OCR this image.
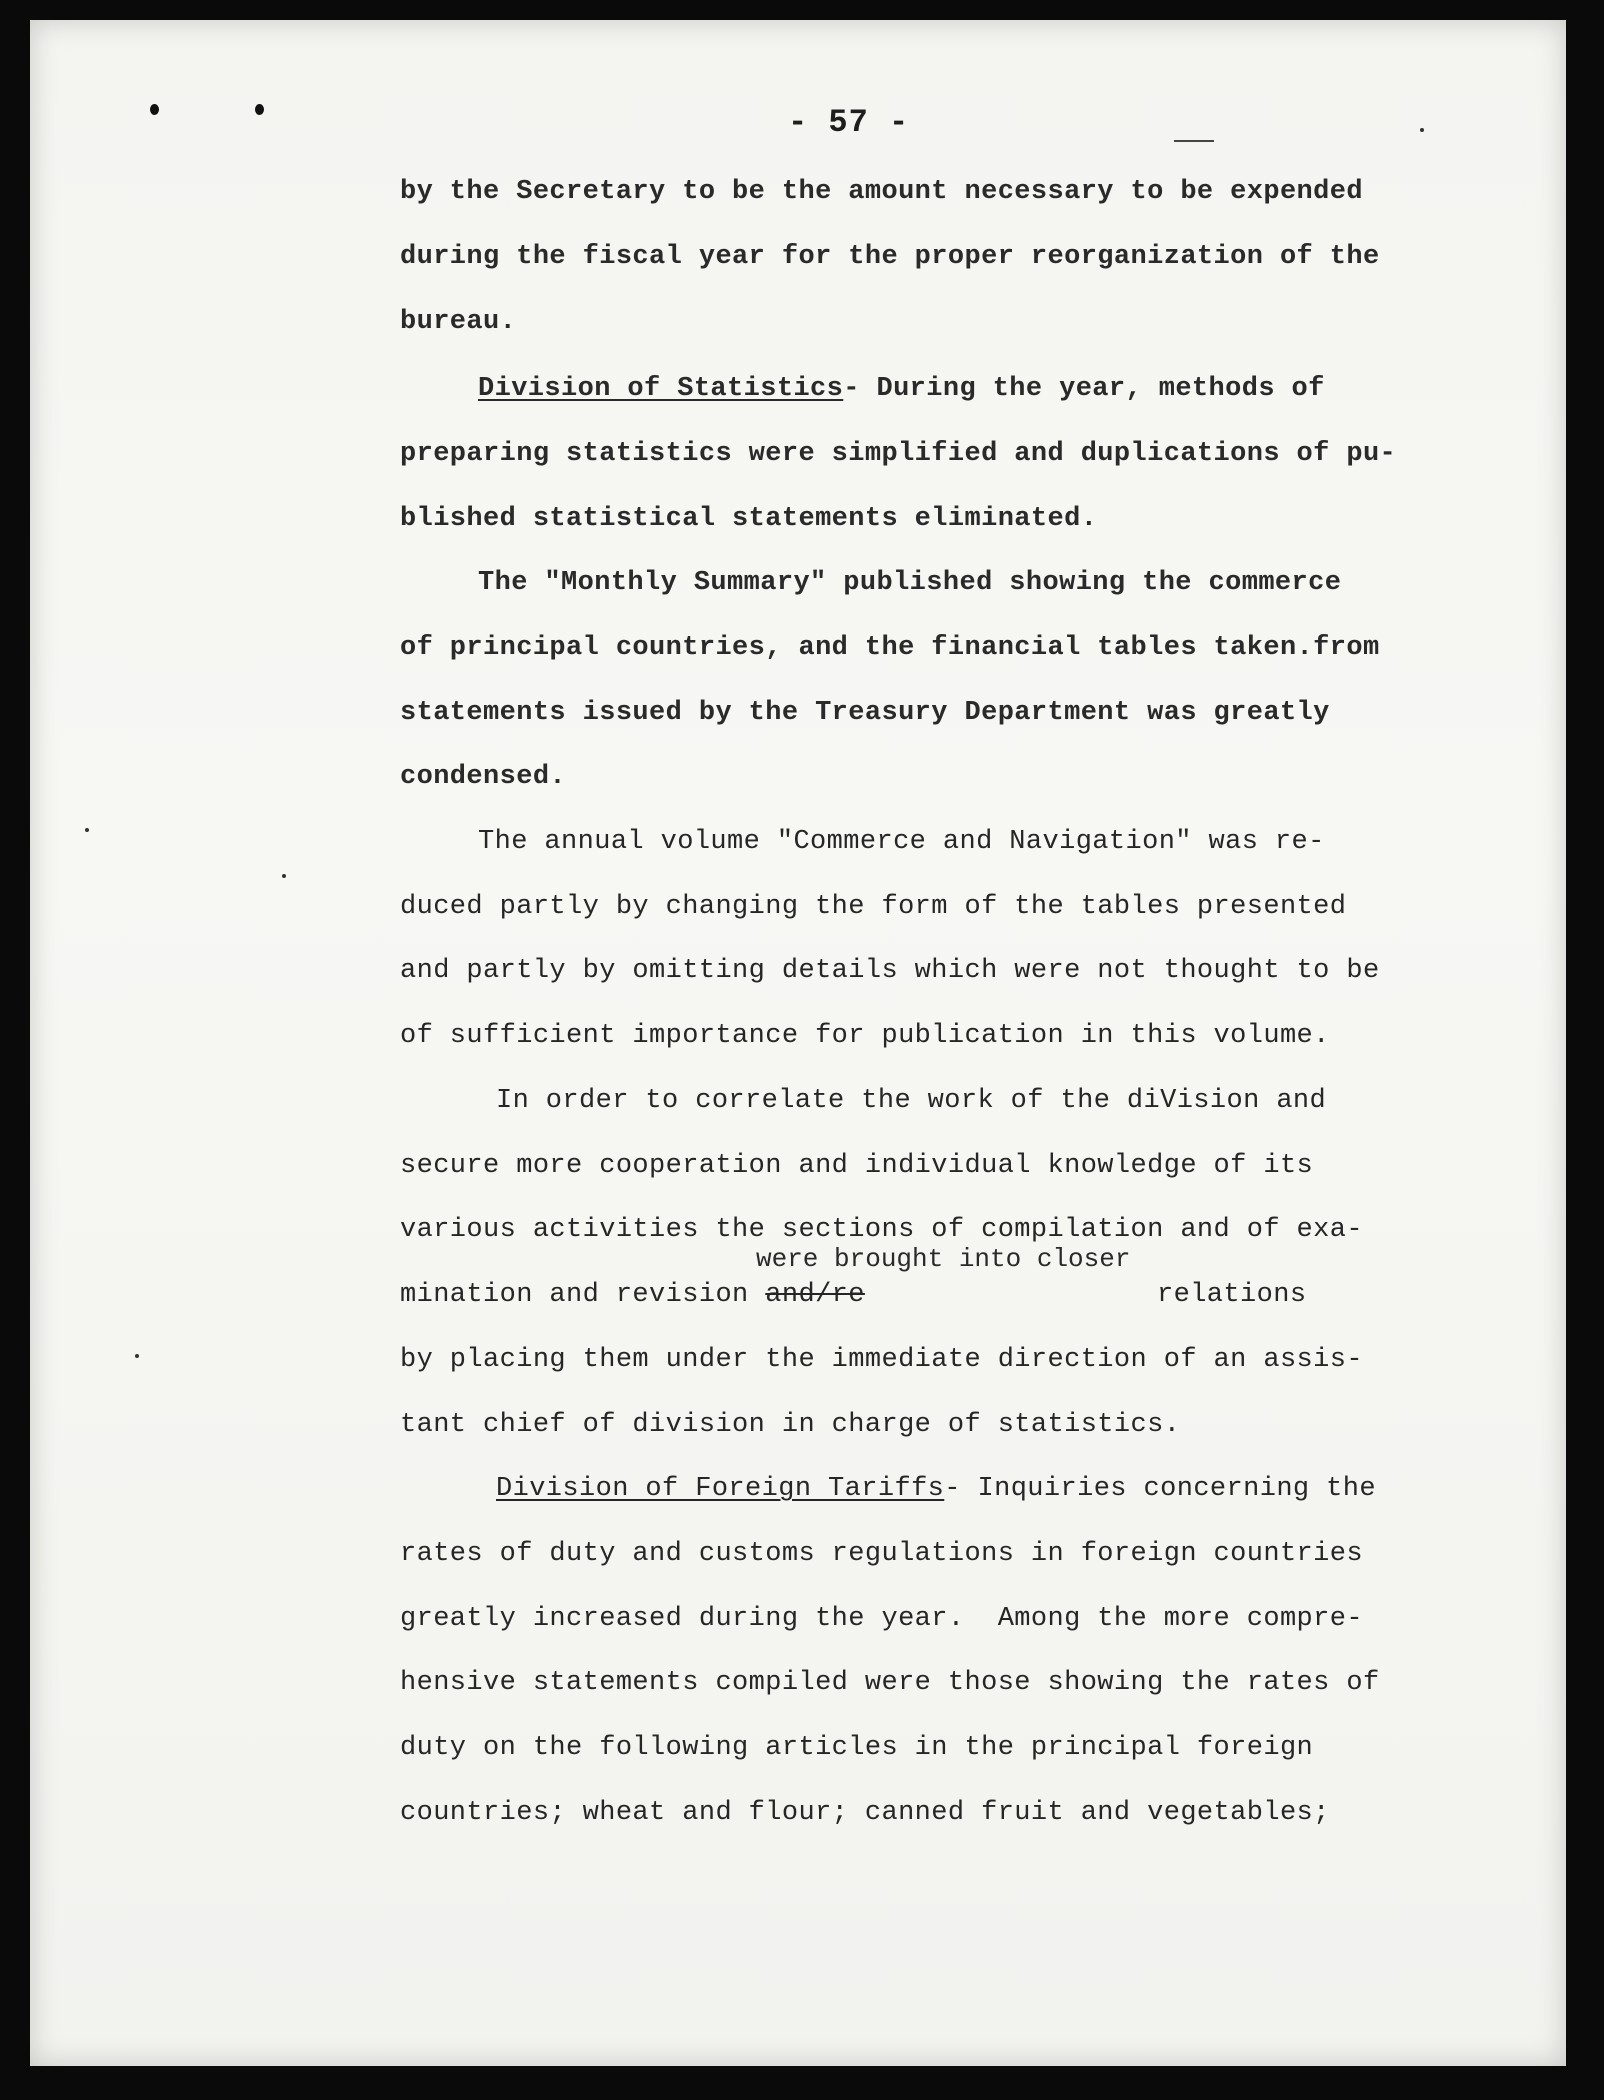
- 57 -
by the Secretary to be the amount necessary to be expended
during the fiscal year for the proper reorganization of the
bureau.
Division of Statistics- During the year, methods of
preparing statistics were simplified and duplications of pu-
blished statistical statements eliminated.
The "Monthly Summary" published showing the commerce
of principal countries, and the financial tables taken.from
statements issued by the Treasury Department was greatly
condensed.
The annual volume "Commerce and Navigation" was re-
duced partly by changing the form of the tables presented
and partly by omitting details which were not thought to be
of sufficient importance for publication in this volume.
In order to correlate the work of the diVision and
secure more cooperation and individual knowledge of its
various activities the sections of compilation and of exa-
were brought into closer
mination and revision and/re	relations
by placing them under the immediate direction of an assis-
tant chief of division in charge of statistics.
Division of Foreign Tariffs- Inquiries concerning the
rates of duty and customs regulations in foreign countries
greatly increased during the year.  Among the more compre-
hensive statements compiled were those showing the rates of
duty on the following articles in the principal foreign
countries; wheat and flour; canned fruit and vegetables;
